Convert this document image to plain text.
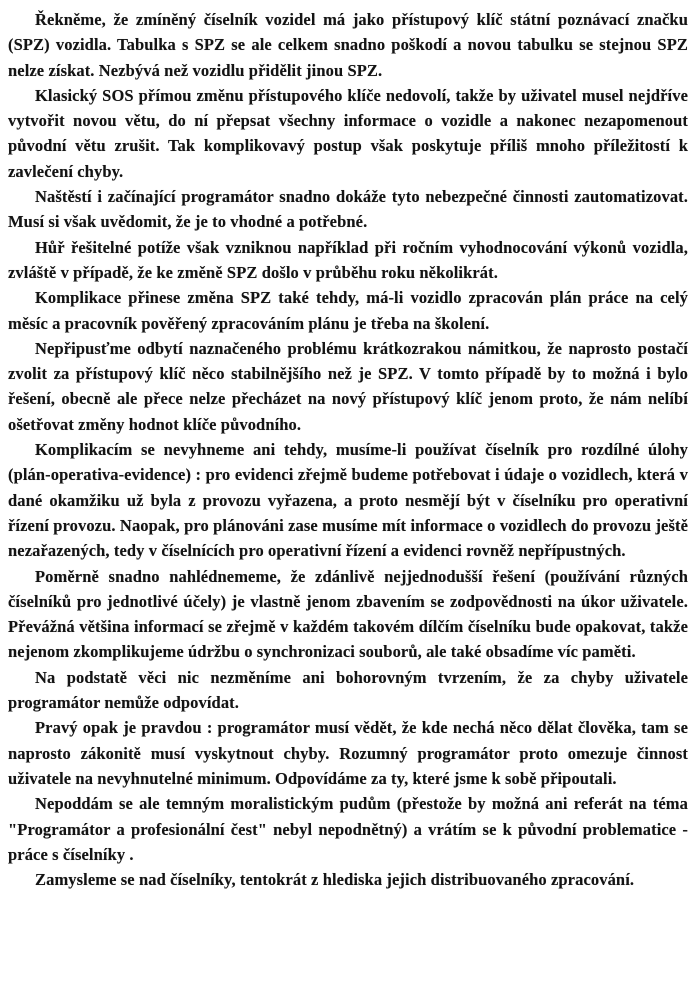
Řekněme, že zmíněný číselník vozidel má jako přístupový klíč státní poznávací značku (SPZ) vozidla. Tabulka s SPZ se ale celkem snadno poškodí a novou tabulku se stejnou SPZ nelze získat. Nezbývá než vozidlu přidělit jinou SPZ.

Klasický SOS přímou změnu přístupového klíče nedovolí, takže by uživatel musel nejdříve vytvořit novou větu, do ní přepsat všechny informace o vozidle a nakonec nezapomenout původní větu zrušit. Tak komplikovavý postup však poskytuje příliš mnoho příležitostí k zavlečení chyby.

Naštěstí i začínající programátor snadno dokáže tyto nebezpečné činnosti zautomatizovat. Musí si však uvědomit, že je to vhodné a potřebné.

Hůř řešitelné potíže však vzniknou například při ročním vyhodnocování výkonů vozidla, zvláště v případě, že ke změně SPZ došlo v průběhu roku několikrát.

Komplikace přinese změna SPZ také tehdy, má-li vozidlo zpracován plán práce na celý měsíc a pracovník pověřený zpracováním plánu je třeba na školení.

Nepřipusťme odbytí naznačeného problému krátkozrakou námitkou, že naprosto postačí zvolit za přístupový klíč něco stabilnějšího než je SPZ. V tomto případě by to možná i bylo řešení, obecně ale přece nelze přecházet na nový přístupový klíč jenom proto, že nám nelíbí ošetřovat změny hodnot klíče původního.

Komplikacím se nevyhneme ani tehdy, musíme-li používat číselník pro rozdílné úlohy (plán-operativa-evidence) : pro evidenci zřejmě budeme potřebovat i údaje o vozidlech, která v dané okamžiku už byla z provozu vyřazena, a proto nesmějí být v číselníku pro operativní řízení provozu. Naopak, pro plánováni zase musíme mít informace o vozidlech do provozu ještě nezařazených, tedy v číselnících pro operativní řízení a evidenci rovněž nepřípustných.

Poměrně snadno nahlédnememe, že zdánlivě nejjednodušší řešení (používání různých číselníků pro jednotlivé účely) je vlastně jenom zbavením se zodpovědnosti na úkor uživatele. Převážná většina informací se zřejmě v každém takovém dílčím číselníku bude opakovat, takže nejenom zkomplikujeme údržbu o synchronizaci souborů, ale také obsadíme víc paměti.

Na podstatě věci nic nezměníme ani bohorovným tvrzením, že za chyby uživatele programátor nemůže odpovídat.

Pravý opak je pravdou : programátor musí vědět, že kde nechá něco dělat člověka, tam se naprosto zákonitě musí vyskytnout chyby. Rozumný programátor proto omezuje činnost uživatele na nevyhnutelné minimum. Odpovídáme za ty, které jsme k sobě připoutali.

Nepoddám se ale temným moralistickým pudům (přestože by možná ani referát na téma "Programátor a profesionální čest" nebyl nepodnětný) a vrátím se k původní problematice - práce s číselníky .

Zamysleme se nad číselníky, tentokrát z hlediska jejich distribuovaného zpracování.
